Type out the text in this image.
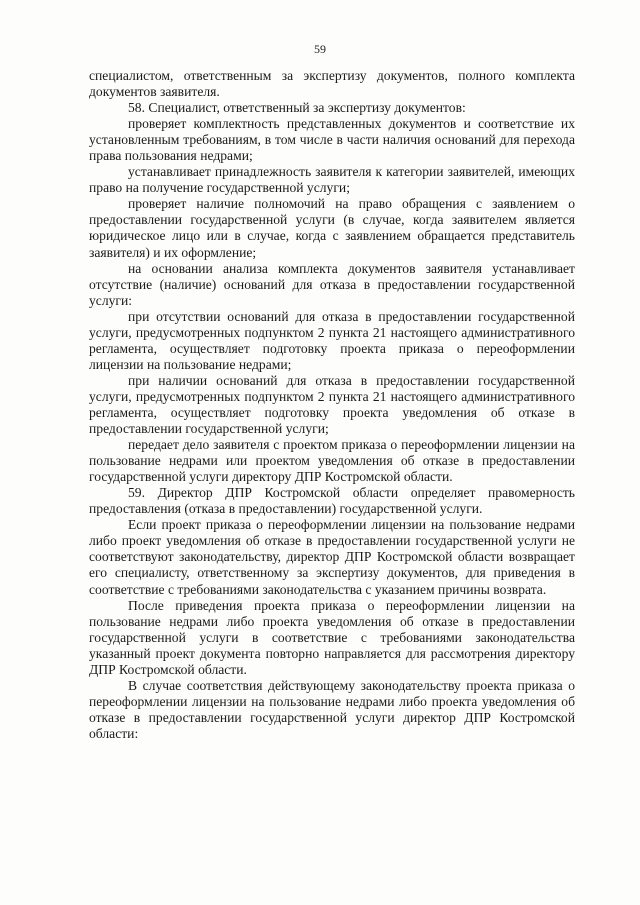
59

специалистом, ответственным за экспертизу документов, полного комплекта документов заявителя.

58. Специалист, ответственный за экспертизу документов:

проверяет комплектность представленных документов и соответствие их установленным требованиям, в том числе в части наличия оснований для перехода права пользования недрами;

устанавливает принадлежность заявителя к категории заявителей, имеющих право на получение государственной услуги;

проверяет наличие полномочий на право обращения с заявлением о предоставлении государственной услуги (в случае, когда заявителем является юридическое лицо или в случае, когда с заявлением обращается представитель заявителя) и их оформление;

на основании анализа комплекта документов заявителя устанавливает отсутствие (наличие) оснований для отказа в предоставлении государственной услуги:

при отсутствии оснований для отказа в предоставлении государственной услуги, предусмотренных подпунктом 2 пункта 21 настоящего административного регламента, осуществляет подготовку проекта приказа о переоформлении лицензии на пользование недрами;

при наличии оснований для отказа в предоставлении государственной услуги, предусмотренных подпунктом 2 пункта 21 настоящего административного регламента, осуществляет подготовку проекта уведомления об отказе в предоставлении государственной услуги;

передает дело заявителя с проектом приказа о переоформлении лицензии на пользование недрами или проектом уведомления об отказе в предоставлении государственной услуги директору ДПР Костромской области.

59. Директор ДПР Костромской области определяет правомерность предоставления (отказа в предоставлении) государственной услуги.

Если проект приказа о переоформлении лицензии на пользование недрами либо проект уведомления об отказе в предоставлении государственной услуги не соответствуют законодательству, директор ДПР Костромской области возвращает его специалисту, ответственному за экспертизу документов, для приведения в соответствие с требованиями законодательства с указанием причины возврата.

После приведения проекта приказа о переоформлении лицензии на пользование недрами либо проекта уведомления об отказе в предоставлении государственной услуги в соответствие с требованиями законодательства указанный проект документа повторно направляется для рассмотрения директору ДПР Костромской области.

В случае соответствия действующему законодательству проекта приказа о переоформлении лицензии на пользование недрами либо проекта уведомления об отказе в предоставлении государственной услуги директор ДПР Костромской области:
